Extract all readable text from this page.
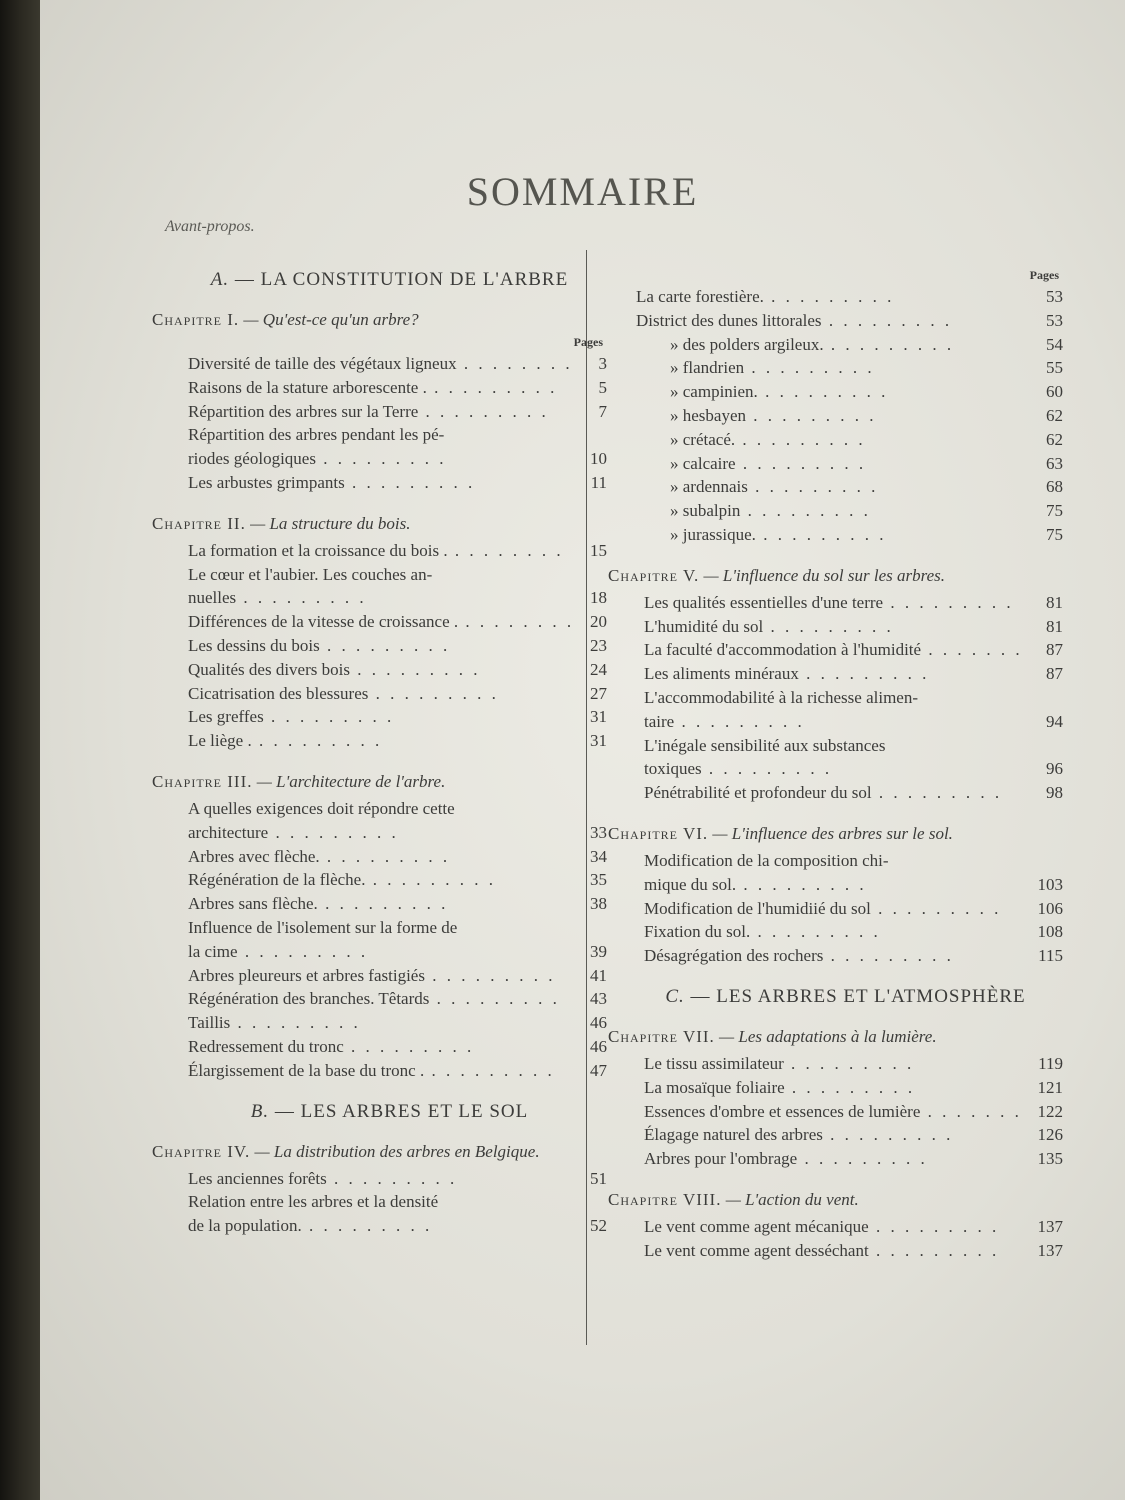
SOMMAIRE
Avant-propos.
A. — LA CONSTITUTION DE L'ARBRE
Chapitre I. — Qu'est-ce qu'un arbre?
Pages
Diversité de taille des végétaux ligneux . . .	3
Raisons de la stature arborescente . . . .	5
Répartition des arbres sur la Terre . . .	7
Répartition des arbres pendant les pé-
riodes géologiques . . .	10
Les arbustes grimpants . . .	11
Chapitre II. — La structure du bois.
La formation et la croissance du bois . . . .	15
Le cœur et l'aubier. Les couches an-
nuelles . . .	18
Différences de la vitesse de croissance . . . .	20
Les dessins du bois . . .	23
Qualités des divers bois . . .	24
Cicatrisation des blessures . . .	27
Les greffes . . .	31
Le liège . . . .	31
Chapitre III. — L'architecture de l'arbre.
A quelles exigences doit répondre cette
architecture . . .	33
Arbres avec flèche. . . .	34
Régénération de la flèche. . . .	35
Arbres sans flèche. . . .	38
Influence de l'isolement sur la forme de
la cime . . .	39
Arbres pleureurs et arbres fastigiés . . .	41
Régénération des branches. Têtards . . .	43
Taillis . . .	46
Redressement du tronc . . .	46
Élargissement de la base du tronc . . . .	47
B. — LES ARBRES ET LE SOL
Chapitre IV. — La distribution des arbres en Belgique.
Les anciennes forêts . . .	51
Relation entre les arbres et la densité
de la population. . . .	52
Pages
La carte forestière. . . .	53
District des dunes littorales . . .	53
» des polders argileux. . . .	54
» flandrien . . .	55
» campinien. . . .	60
» hesbayen . . .	62
» crétacé. . . .	62
» calcaire . . .	63
» ardennais . . .	68
» subalpin . . .	75
» jurassique. . . .	75
Chapitre V. — L'influence du sol sur les arbres.
Les qualités essentielles d'une terre . . .	81
L'humidité du sol . . .	81
La faculté d'accommodation à l'humidité . . .	87
Les aliments minéraux . . .	87
L'accommodabilité à la richesse alimen-
taire . . .	94
L'inégale sensibilité aux substances
toxiques . . .	96
Pénétrabilité et profondeur du sol . . .	98
Chapitre VI. — L'influence des arbres sur le sol.
Modification de la composition chi-
mique du sol. . . .	103
Modification de l'humidiié du sol . . .	106
Fixation du sol. . . .	108
Désagrégation des rochers . . .	115
C. — LES ARBRES ET L'ATMOSPHÈRE
Chapitre VII. — Les adaptations à la lumière.
Le tissu assimilateur . . .	119
La mosaïque foliaire . . .	121
Essences d'ombre et essences de lumière . . .	122
Élagage naturel des arbres . . .	126
Arbres pour l'ombrage . . .	135
Chapitre VIII. — L'action du vent.
Le vent comme agent mécanique . . .	137
Le vent comme agent desséchant . . .	137
